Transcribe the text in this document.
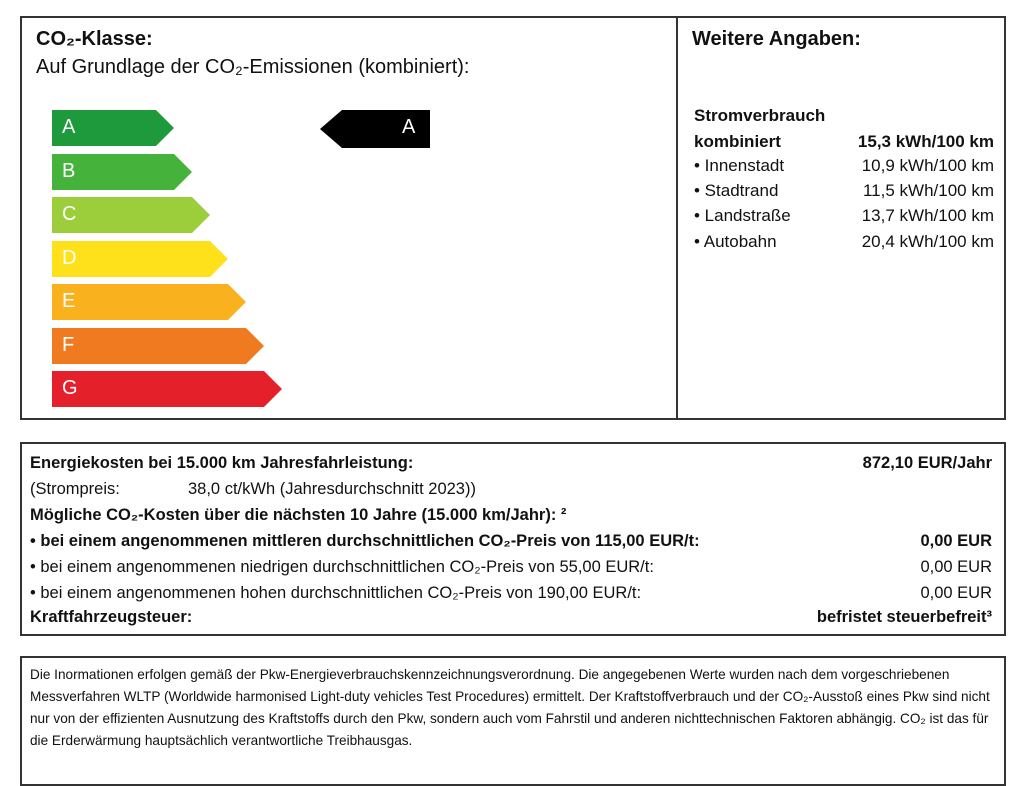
CO₂-Klasse:
Auf Grundlage der CO₂-Emissionen (kombiniert):
A
B
C
D
E
F
G
A
Weitere Angaben:
Stromverbrauch
kombiniert	15,3 kWh/100 km
• Innenstadt	10,9 kWh/100 km
• Stadtrand	11,5 kWh/100 km
• Landstraße	13,7 kWh/100 km
• Autobahn	20,4 kWh/100 km
Energiekosten bei 15.000 km Jahresfahrleistung:	872,10 EUR/Jahr
(Strompreis:	38,0 ct/kWh (Jahresdurchschnitt 2023))
Mögliche CO₂-Kosten über die nächsten 10 Jahre (15.000 km/Jahr): ²
• bei einem angenommenen mittleren durchschnittlichen CO₂-Preis von 115,00 EUR/t:	0,00 EUR
• bei einem angenommenen niedrigen durchschnittlichen CO₂-Preis von 55,00 EUR/t:	0,00 EUR
• bei einem angenommenen hohen durchschnittlichen CO₂-Preis von 190,00 EUR/t:	0,00 EUR
Kraftfahrzeugsteuer:	befristet steuerbefreit³
Die Inormationen erfolgen gemäß der Pkw-Energieverbrauchskennzeichnungsverordnung. Die angegebenen Werte wurden nach dem vorgeschriebenen Messverfahren WLTP (Worldwide harmonised Light-duty vehicles Test Procedures) ermittelt. Der Kraftstoffverbrauch und der CO₂-Ausstoß eines Pkw sind nicht nur von der effizienten Ausnutzung des Kraftstoffs durch den Pkw, sondern auch vom Fahrstil und anderen nichttechnischen Faktoren abhängig. CO₂ ist das für die Erderwärmung hauptsächlich verantwortliche Treibhausgas.
